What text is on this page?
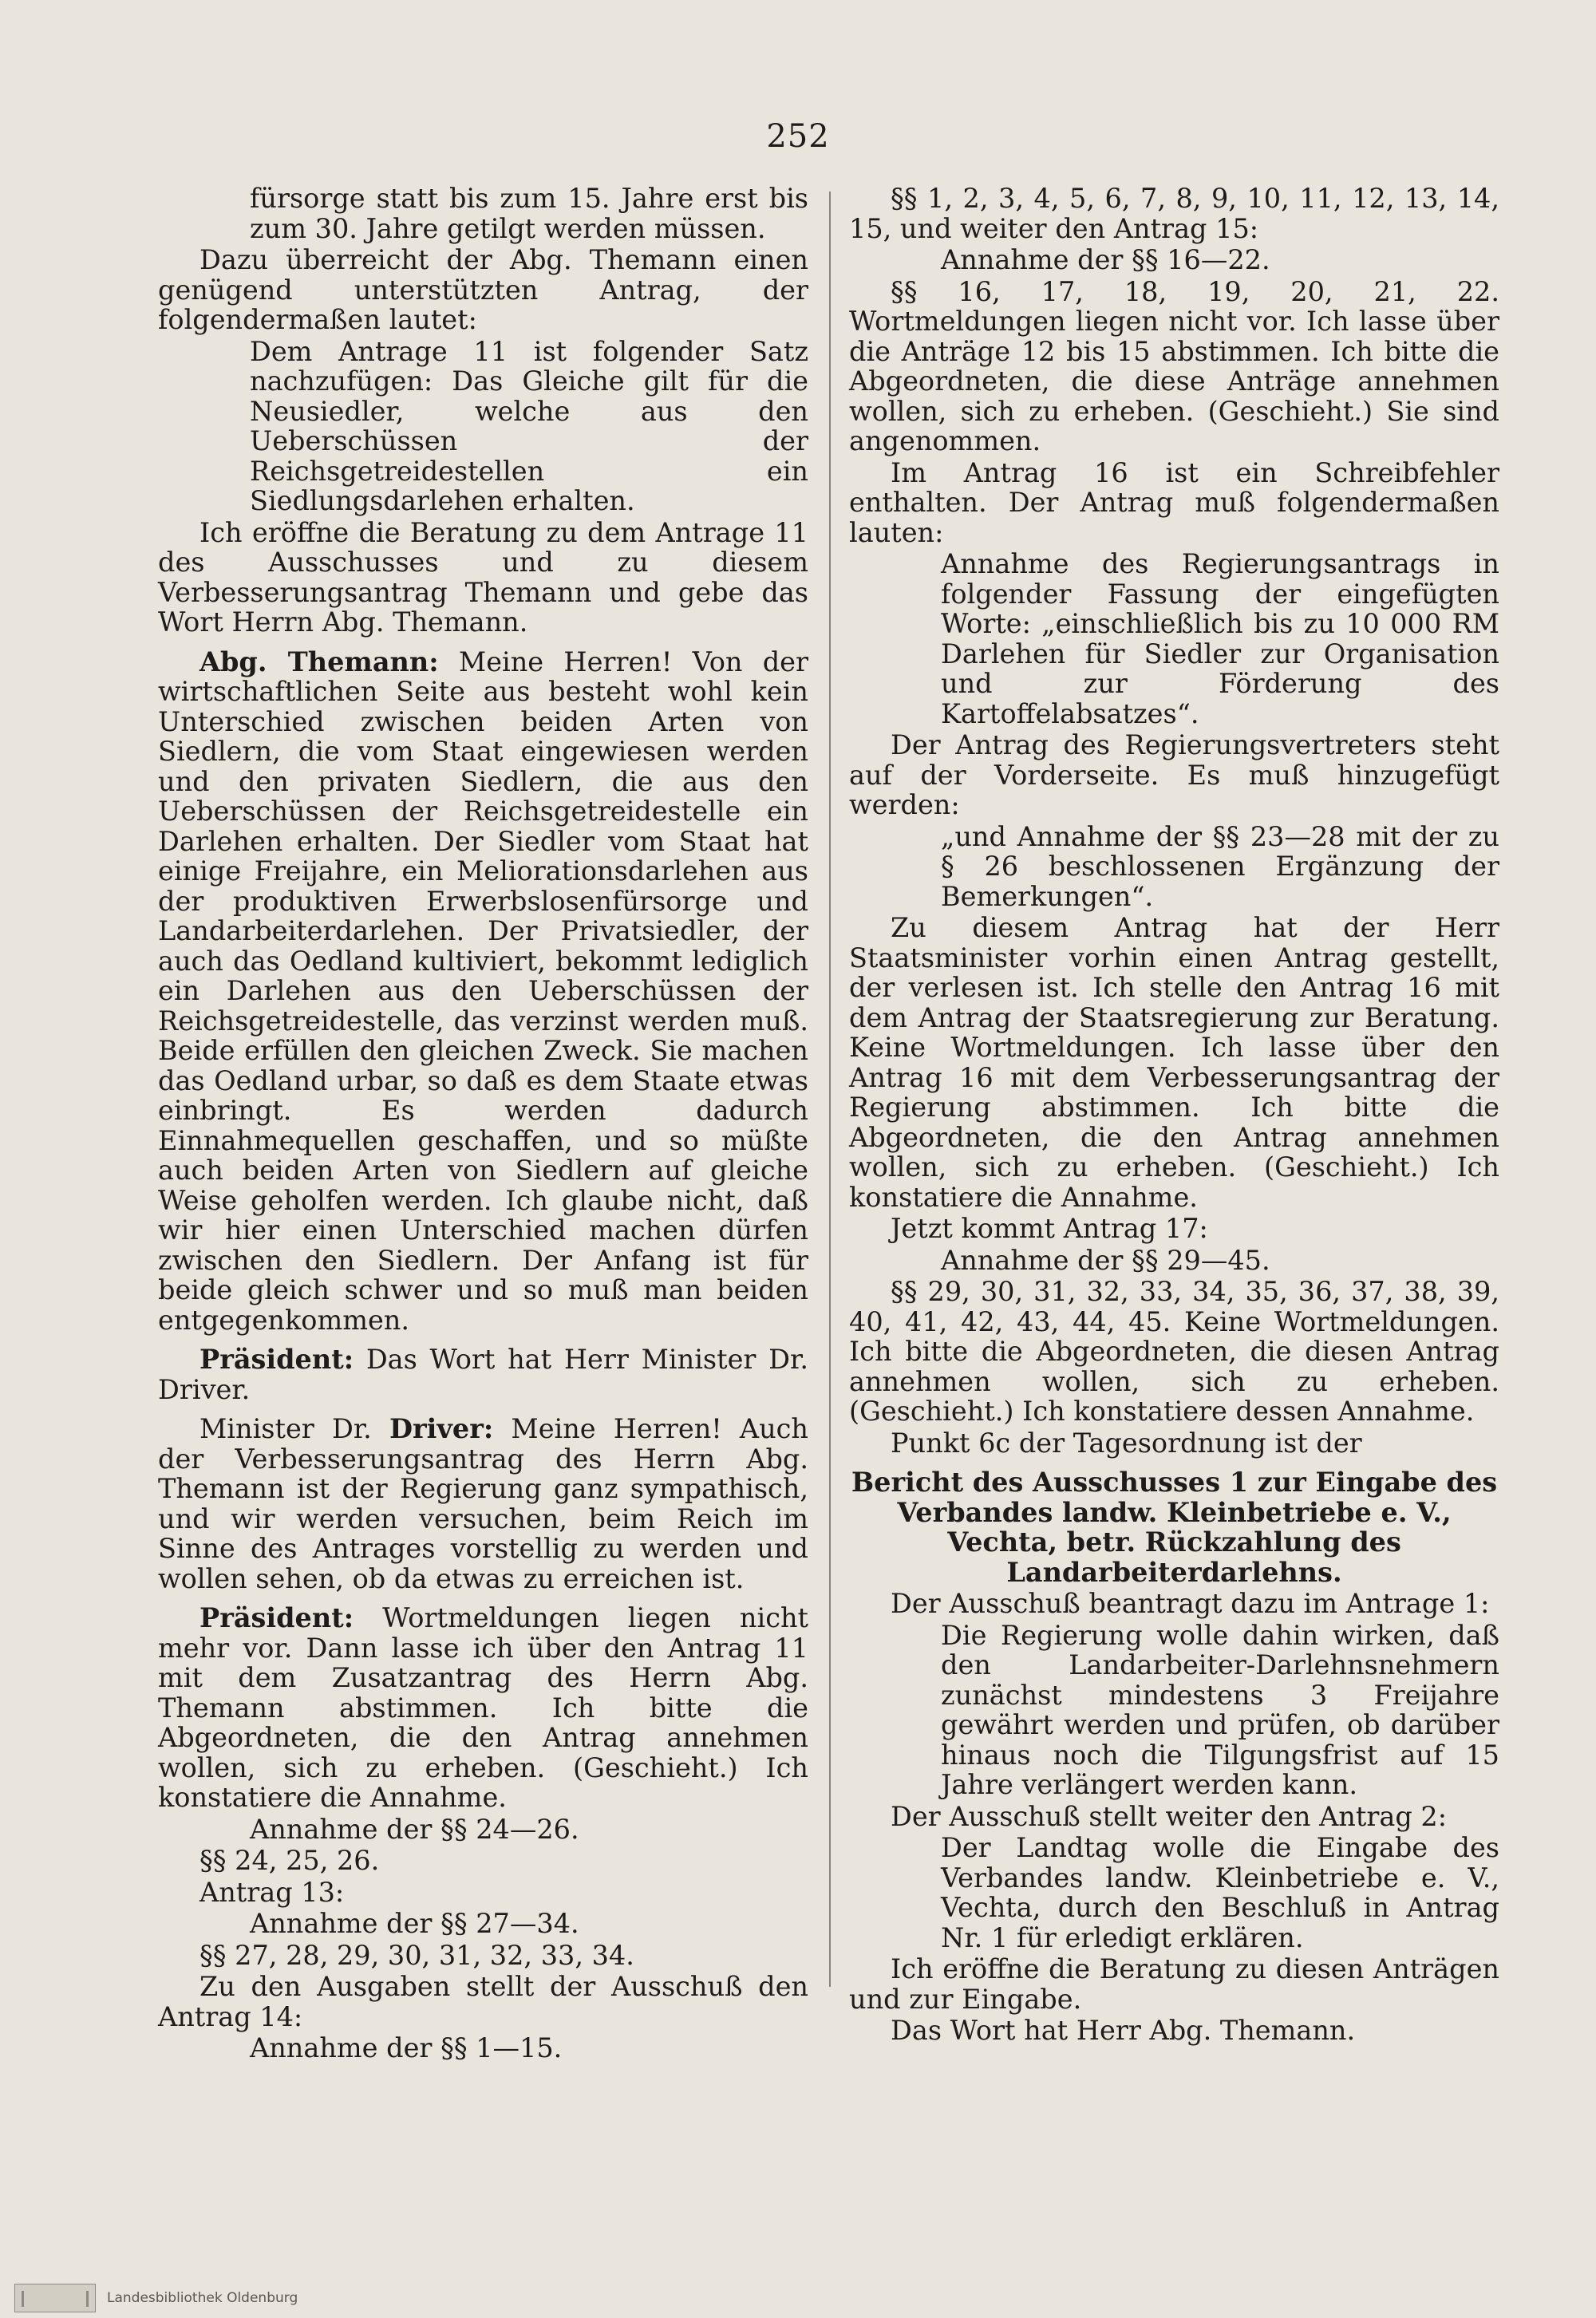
252

fürsorge statt bis zum 15. Jahre erst bis zum 30. Jahre getilgt werden müssen.

Dazu überreicht der Abg. Themann einen genügend unterstützten Antrag, der folgendermaßen lautet:

Dem Antrage 11 ist folgender Satz nachzufügen: Das Gleiche gilt für die Neusiedler, welche aus den Ueberschüssen der Reichsgetreidestellen ein Siedlungsdarlehen erhalten.

Ich eröffne die Beratung zu dem Antrage 11 des Ausschusses und zu diesem Verbesserungsantrag Themann und gebe das Wort Herrn Abg. Themann.

Abg. Themann: Meine Herren! Von der wirtschaftlichen Seite aus besteht wohl kein Unterschied zwischen beiden Arten von Siedlern, die vom Staat eingewiesen werden und den privaten Siedlern, die aus den Ueberschüssen der Reichsgetreidestelle ein Darlehen erhalten. Der Siedler vom Staat hat einige Freijahre, ein Meliorationsdarlehen aus der produktiven Erwerbslosenfürsorge und Landarbeiterdarlehen. Der Privatsiedler, der auch das Oedland kultiviert, bekommt lediglich ein Darlehen aus den Ueberschüssen der Reichsgetreidestelle, das verzinst werden muß. Beide erfüllen den gleichen Zweck. Sie machen das Oedland urbar, so daß es dem Staate etwas einbringt. Es werden dadurch Einnahmequellen geschaffen, und so müßte auch beiden Arten von Siedlern auf gleiche Weise geholfen werden. Ich glaube nicht, daß wir hier einen Unterschied machen dürfen zwischen den Siedlern. Der Anfang ist für beide gleich schwer und so muß man beiden entgegenkommen.

Präsident: Das Wort hat Herr Minister Dr. Driver.

Minister Dr. Driver: Meine Herren! Auch der Verbesserungsantrag des Herrn Abg. Themann ist der Regierung ganz sympathisch, und wir werden versuchen, beim Reich im Sinne des Antrages vorstellig zu werden und wollen sehen, ob da etwas zu erreichen ist.

Präsident: Wortmeldungen liegen nicht mehr vor. Dann lasse ich über den Antrag 11 mit dem Zusatzantrag des Herrn Abg. Themann abstimmen. Ich bitte die Abgeordneten, die den Antrag annehmen wollen, sich zu erheben. (Geschieht.) Ich konstatiere die Annahme.

Annahme der §§ 24—26.

§§ 24, 25, 26.

Antrag 13:

Annahme der §§ 27—34.

§§ 27, 28, 29, 30, 31, 32, 33, 34.

Zu den Ausgaben stellt der Ausschuß den Antrag 14:

Annahme der §§ 1—15.

§§ 1, 2, 3, 4, 5, 6, 7, 8, 9, 10, 11, 12, 13, 14, 15, und weiter den Antrag 15:

Annahme der §§ 16—22.

§§ 16, 17, 18, 19, 20, 21, 22. Wortmeldungen liegen nicht vor. Ich lasse über die Anträge 12 bis 15 abstimmen. Ich bitte die Abgeordneten, die diese Anträge annehmen wollen, sich zu erheben. (Geschieht.) Sie sind angenommen.

Im Antrag 16 ist ein Schreibfehler enthalten. Der Antrag muß folgendermaßen lauten:

Annahme des Regierungsantrags in folgender Fassung der eingefügten Worte: „einschließlich bis zu 10 000 RM Darlehen für Siedler zur Organisation und zur Förderung des Kartoffelabsatzes“.

Der Antrag des Regierungsvertreters steht auf der Vorderseite. Es muß hinzugefügt werden:

„und Annahme der §§ 23—28 mit der zu § 26 beschlossenen Ergänzung der Bemerkungen“.

Zu diesem Antrag hat der Herr Staatsminister vorhin einen Antrag gestellt, der verlesen ist. Ich stelle den Antrag 16 mit dem Antrag der Staatsregierung zur Beratung. Keine Wortmeldungen. Ich lasse über den Antrag 16 mit dem Verbesserungsantrag der Regierung abstimmen. Ich bitte die Abgeordneten, die den Antrag annehmen wollen, sich zu erheben. (Geschieht.) Ich konstatiere die Annahme.

Jetzt kommt Antrag 17:

Annahme der §§ 29—45.

§§ 29, 30, 31, 32, 33, 34, 35, 36, 37, 38, 39, 40, 41, 42, 43, 44, 45. Keine Wortmeldungen. Ich bitte die Abgeordneten, die diesen Antrag annehmen wollen, sich zu erheben. (Geschieht.) Ich konstatiere dessen Annahme.

Punkt 6c der Tagesordnung ist der

Bericht des Ausschusses 1 zur Eingabe des Verbandes landw. Kleinbetriebe e. V., Vechta, betr. Rückzahlung des Landarbeiterdarlehns.

Der Ausschuß beantragt dazu im Antrage 1:

Die Regierung wolle dahin wirken, daß den Landarbeiter-Darlehnsnehmern zunächst mindestens 3 Freijahre gewährt werden und prüfen, ob darüber hinaus noch die Tilgungsfrist auf 15 Jahre verlängert werden kann.

Der Ausschuß stellt weiter den Antrag 2:

Der Landtag wolle die Eingabe des Verbandes landw. Kleinbetriebe e. V., Vechta, durch den Beschluß in Antrag Nr. 1 für erledigt erklären.

Ich eröffne die Beratung zu diesen Anträgen und zur Eingabe.

Das Wort hat Herr Abg. Themann.

Landesbibliothek Oldenburg
